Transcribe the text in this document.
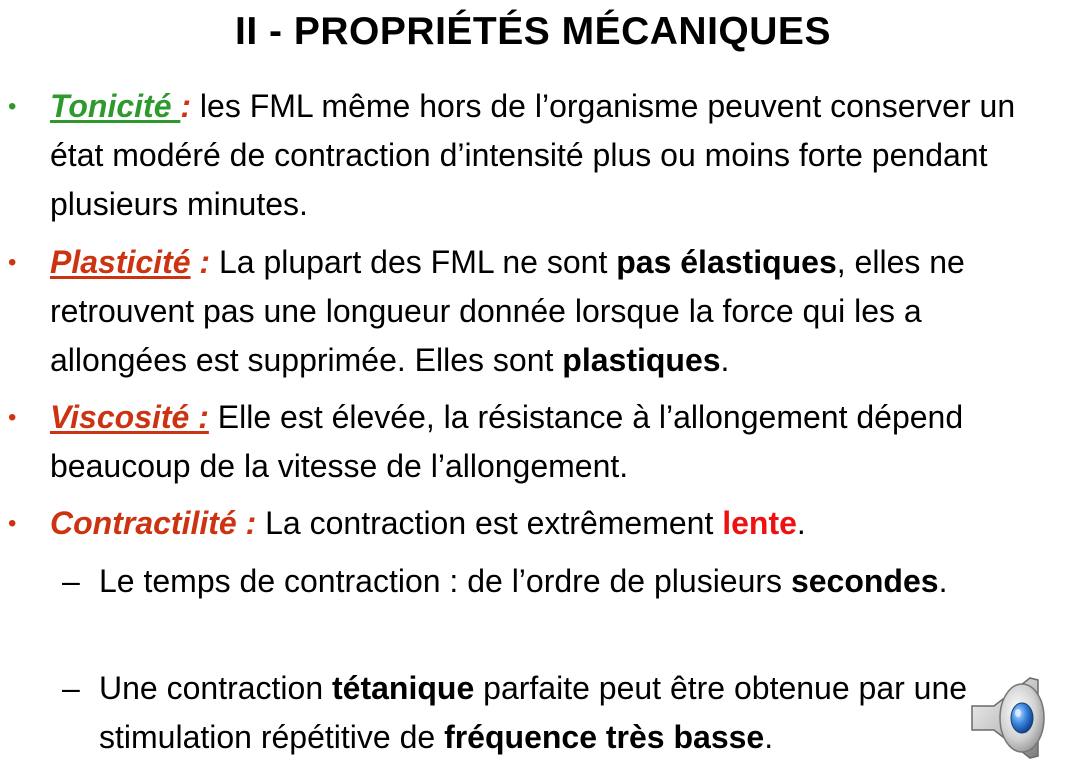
II - PROPRIÉTÉS MÉCANIQUES
•	Tonicité : les FML même hors de l’organisme peuvent conserver un état modéré de contraction d’intensité plus ou moins forte pendant plusieurs minutes.
•	Plasticité : La plupart des FML ne sont pas élastiques, elles ne retrouvent pas une longueur donnée lorsque la force qui les a allongées est supprimée. Elles sont plastiques.
•	Viscosité : Elle est élevée, la résistance à l’allongement dépend beaucoup de la vitesse de l’allongement.
•	Contractilité : La contraction est extrêmement lente.
– Le temps de contraction : de l’ordre de plusieurs secondes.
– Une contraction tétanique parfaite peut être obtenue par une stimulation répétitive de fréquence très basse.
